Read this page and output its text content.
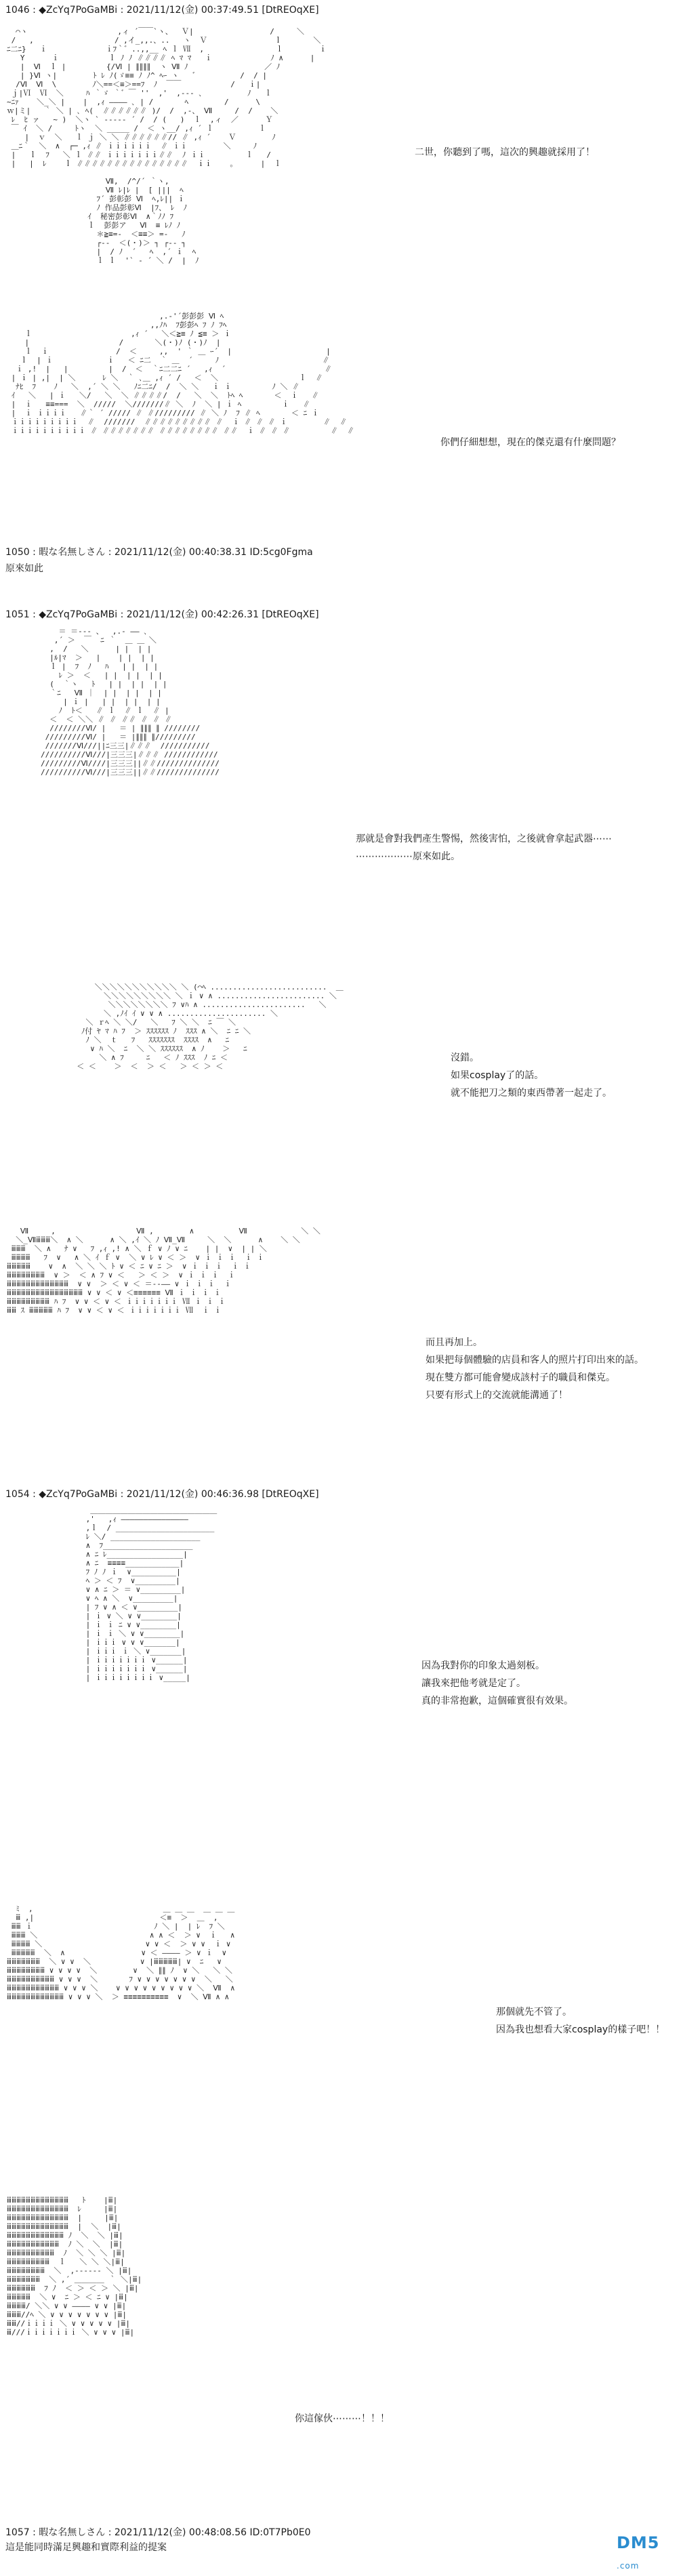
1046 : ◆ZcYq7PoGaMBi : 2021/11/12(金) 00:37:49.51 [DtREOqXE]
⌒ヽ                    ,ィ ´￣￣`ヽ、  Ｖ|                 /     ＼
/   ,                  / ,イ_,,.、..   ヽ  Ｖ               ｌ       ＼
ﾆ二ﾆ}   ｉ             ｉﾌ｀゛..,,__ ﾍ ｌ Ⅶ  ,                ｌ        ｉ
Y      ｉ           ｌ ﾉ ﾉ ∥∥∥∥ ﾍ ﾏ ﾏ   ｉ             ﾉ ∧      |
|  Ⅵ  ｌ |         {/Ⅵ | ∥∥∥∥  ヽ Ⅶ ﾉ                 ／ ﾉ
| }Ⅵ ヽ|        ﾄ ﾚ ﾉ(ゞ≡≡ ﾉ ﾉ^ ﾍｰ ヽ   ゛         /  / |
/Ⅵ  Ⅵ  \        ﾉ＼==＜≡＞==ﾌ  ﾉ  ￣￣           /   ｉ|
ｊ|Ⅵ  Ⅵ  ＼     ﾊ ｀ゞ ｀゛￣ ''  ,'  ,-‐- ､          ﾉ   ｌ
~ﾆｧ    ＼_＼ |    |  ,ｨ ―――― ､ | /       ﾍ        /      \
ｗ|ミ|   ｀ ＼ | ､ ﾍ(  ∥∥∥∥∥∥ )/  /  ,-、 Ⅶ     /  /    ＼
ﾚ  ﾋ ァ   ~ )  ＼ヽ ` ----- ´ /  / (   )  ｌ  ,ィ  ／      Ｙ
￣ ｲ  ＼ /     ﾄヽ  ＼ _____ /  ＜ ヽ__/ ,ｨ ´ ｌ          ｌ
|  ｖ  ＼   ｌ ｊ ＼ ＼ ∥∥∥∥∥∥// ∥ ,ｨ ´    Ｖ        ﾉ
＿ﾆ｀  ＼  ∧  ┌─ ,ｨ ∥ ｉｉｉｉｉｉ  ∥ ｉｉ        ＼     ﾉ
|   ｌ  ﾌ   ＼ ｌ ∥∥ ｉｉｉｉｉｉｉ∥∥  ﾉ ｉｉ         ｌ   /
|   |  ﾚ    ｌ ∥∥∥∥∥∥∥∥∥∥∥∥∥∥∥  ｉｉ    ｡      |  ｌ

Ⅶ,  /^/´ ｀ヽ,
Ⅶ ﾚ|ﾚ |  [ |||  ﾍ
ﾌ´ 彭彰彭 Ⅵ  ﾍ,ﾚ|| ｉ
ﾉ 作品彭彰Ⅵ  |ﾌ、 ﾚ  ﾉ
ｲ  秘密彭彰Ⅵ  ∧｀ﾉﾉ ﾌ
ｌ  彭彭ア   Ⅵ  ≡ ﾚﾉ ﾉ
＊≧≡=-  ＜≡≡＞ =-   ﾉ
┌‐‐  ＜(・)＞ ┐ ┌‐‐ ┐
|  / ﾉ  ´   ﾍ  ,´ ｉ  ﾍ
ｌ ｌ  '` - ´ ＼ /  |  ﾉ

二世，你聽到了嗎，這次的興趣就採用了！
,.-'´彭彭彭 Ⅵ ﾍ
,,ﾉﾊ  ﾌ彭彭ﾍ ﾌ ﾉ ﾌﾍ
ｌ                      ,ｨ ´   ＼＜≧≡ ﾉ ≦≡ ＞ ｉ
|                    /       ＼(・)ﾉ (・)ﾉ  |
ｌ  ｉ               /  ＜     ,,  ' ｀ ＿ ｰ´  |                     |
ｌ  | ｉ            ｉ   ＜ ﾆ二  ｀ ＿  ´     ﾉ                       ∥
ｉ ,!  |   |         |  /  ＜  ｀ﾆ二二ﾆ ´   ,ｨ  ´                      ∥
| ｉ | ,|  | ＼      ﾚ ＼  ｀ ､＿ ,ｨ ´ /   ＜  ＼                  ｌ  ∥
ﾅﾋ  ﾌ    ﾉ   ＼  ,´ ＼ ＼   ﾉﾆ二ﾆ/  /  ＼ ＼   ｉ ｉ         ﾉ ＼ ∥
ｲ   ＼   | ｉ   ＼/   ＼  ＼ ∥∥∥∥/  /   ＼  ＼  ﾄﾍ ﾍ       ＜  ｉ   ∥
|  ｉ   ≡≡===  ＼  /////  ＼///////∥ ＼  ﾉ  ＼ | ｉ ﾍ         ｉ   ∥
|  ｉ ｉｉｉｉ   ∥｀ ´ ///// ∥ ∥///////// ∥ ＼ ﾉ  ﾌ ∥ ﾍ       ＜ ﾆ ｉ
ｉｉｉｉｉｉｉｉｉ  ∥  ///////  ∥∥∥∥∥∥∥∥∥ ∥  ｉ ∥ ∥ ∥ ｉ        ∥  ∥
ｉｉｉｉｉｉｉｉｉｉ ∥ ∥∥∥∥∥∥∥ ∥∥∥∥∥∥∥∥ ∥∥  ｉ ∥ ∥ ∥         ∥  ∥

你們仔細想想，現在的傑克還有什麼問題？
1050 : 暇な名無しさん : 2021/11/12(金) 00:40:38.31 ID:5cg0Fgma
原來如此
1051 : ◆ZcYq7PoGaMBi : 2021/11/12(金) 00:42:26.31 [DtREOqXE]
＝ ＝‐‐‐ 、  ,.‐ ―― ､
,´ ＞  ￣  ﾆ ｀  ＿ ＿ ＼
,  /   ＼      | |  | |
|ﾙ|ﾏ  ＞   |    | |  | |
ｌ |  ﾌ  ﾉ   ﾊ   | |  | |
ﾚ ＞  ＜   | |  | |  | |
(  ｀ヽ   ﾄ   | |  | |  | |
｀ﾆ   Ⅶ ｜  | |  | |  | |
| ｉ |   | |  | |  | |
ﾉ  ﾄ＜   ∥ ｌ  ∥ ｌ  ∥ |
＜  ＜ ＼＼ ∥ ∥ ∥∥ ∥ ∥ ∥
////////Ⅵ/ |   ＝ | ∥∥∥ ∥ ////////
/////////Ⅵ/ |   ＝ |∥∥∥ ∥/////////
///////Ⅵ///||ﾆ三三|∥∥∥  ///////////
//////////Ⅵ///|三三三|∥∥∥ ////////////
/////////Ⅵ////|三三三||∥∥//////////////
//////////Ⅵ///|三三三||∥∥//////////////

那就是會對我們產生警惕，然後害怕，之後就會拿起武器⋯⋯
⋯⋯⋯⋯⋯⋯原來如此。
＼＼＼＼＼＼＼＼＼＼＼ ＼ (⌒ﾍ ..........................  ＿
＼＼＼＼＼＼＼＼＼ ＼ ｉ ∨ ∧ ........................ ＼
＼＼＼＼＼＼＼＼ ﾌ ∨ﾊ ∧ .......................   ＼
＼ ,ﾉｲ ｲ ∨ ∨ ∧ ...................... ＼
＼ ｒﾍ ＼ ＼/   ＼   ﾌ ＼ ＼  ﾆ ￣ ＼
ﾉ付 ﾔ ﾏ ﾊ ﾌ  ＞ ｽｽｽｽｽｽ ﾉ  ｽｽｽ ∧ ＼  ﾆ ﾆ ＼
ﾉ ＼  ｔ   ﾌ   ｽｽｽｽｽｽｽ  ｽｽｽｽ  ∧   ﾆ
∨ ﾊ ＼  ﾆ  ＼ ＼ ｽｽｽｽｽｽ  ∧ ﾉ    ＞   ﾆ
＼ ∧ ﾌ     ﾆ   ＜ ﾉ ｽｽｽ  ﾉ ﾆ ＜
＜ ＜    ＞  ＜  ＞ ＜   ＞ ＜ ＞ ＜

沒錯。
如果cosplay了的話。
就不能把刀之類的東西帶著一起走了。
Ⅶ     ,                  Ⅶ ,        ∧          Ⅶ            ＼ ＼
＼_Ⅶⅲⅲⅲ＼  ∧ ＼      ∧ ＼ ,ｲ ＼ ﾉ Ⅶ_Ⅶ     ＼  ＼      ∧    ＼ ＼
ⅲⅲⅲ  ＼ ∧   ﾅ ∨   ﾌ ,ｨ ,! ∧ ＼ ｆ ∨ ﾉ ∨ ﾆ    | |  ∨  | | ＼
ⅲⅲⅲⅲ   ﾌ  ∨   ∧ ＼ ｲ ｆ ∨  ＼ ∨ ﾚ ∨ ＜ ＞  ∨ ｉ ｉ ｉ  ｉ ｉ
ⅲⅲⅲⅲⅲ    ∨  ∧  ＼ ＼ ＼ ﾄ ∨ ＜ ﾆ ∨ ﾆ ＞  ∨ ｉ ｉ ｉ  ｉ ｉ
ⅲⅲⅲⅲⅲⅲⅲⅲ  ∨ ＞  ＜ ∧ ﾌ ∨ ＜   ＞ ＜ ＞  ∨ ｉ ｉ ｉ  ｉ
ⅲⅲⅲⅲⅲⅲⅲⅲⅲⅲⅲⅲⅲ  ∨ ∨  ＞ ＜ ∨ ＜ ＝‐‐―― ∨ ｉ ｉ ｉ  ｉ
ⅲⅲⅲⅲⅲⅲⅲⅲⅲⅲⅲⅲⅲⅲⅲⅲ ∨ ∨ ＜ ∨ ＜≡≡≡≡≡≡ Ⅶ ｉ ｉ ｉ ｉ
ⅲⅲⅲⅲⅲⅲⅲⅲⅲ ﾊ ﾌ  ∨ ∨ ＜ ∨ ＜ ｉｉｉｉｉｉｉ Ⅶ ｉ ｉ ｉ
ⅲⅲ ｽ ⅲⅲⅲⅲⅲ ﾊ ﾌ  ∨ ∨ ＜ ∨ ＜ ｉｉｉｉｉｉｉ Ⅶ  ｉ ｉ

而且再加上。
如果把每個體驗的店員和客人的照片打印出來的話。
現在雙方都可能會變成該村子的職員和傑克。
只要有形式上的交流就能溝通了！
1054 : ◆ZcYq7PoGaMBi : 2021/11/12(金) 00:46:36.98 [DtREOqXE]
＿＿＿＿＿＿＿＿＿＿＿＿＿＿＿＿＿
,'   ,ｨ ―――――――――――――――
,ｌ  / ______________________
ﾚ ＼/ ____________________
∧  ﾌ____________________
∧ ﾆ ﾚ_________________|
∧ ﾆ  ≡≡≡≡____________|
ﾌ ﾉ ﾉ ｉ  ∨__________|
ﾍ ＞ ＜ ﾌ  ∨_________|
∨ ∧ ﾆ ＞ ＝ ∨_________|
∨ ﾍ ∧ ＼  ∨_________|
| ﾌ ∨ ∧ ＜ ∨_________|
| ｉ ∨ ＼ ∨ ∨________|
| ｉ ｉ ﾆ ∨ ∨________|
| ｉ ｉ ＼ ∨ ∨________|
| ｉｉｉ ∨ ∨ ∨_______|
| ｉｉｉ ｉ ＼ ∨_______|
| ｉｉｉｉｉｉｉ ∨______|
| ｉｉｉｉｉｉｉ ∨______|
| ｉｉｉｉｉｉｉｉ ∨_____|

因為我對你的印象太過刻板。
讓我來把他考就是定了。
真的非常抱歉，這個確實很有效果。
ﾐ  ,                             ＿ ＿ ＿  ＿ ＿ ＿
ⅲ ,|                            ＜≡  ＞  ＿  ,
ⅲⅲ ｉ                           ﾉ ＼ |  | ﾚ  ﾌ ＼
ⅲⅲⅲ ＼                         ∧ ∧ ＜  ＞ ∨  ｉ   ∧
ⅲⅲⅲⅲ ＼                       ∨ ∨ ＜  ＞ ∨ ∨  ｉ ∨
ⅲⅲⅲⅲⅲ  ＼  ∧                 ∨ ＜ ―――― ＞ ∨ ｉ  ∨
ⅲⅲⅲⅲⅲⅲⅲ  ＼ ∨ ∨  ＼           ∨ |ⅲⅲⅲⅲⅲ| ∨  ﾆ   ∨
ⅲⅲⅲⅲⅲⅲⅲⅲ ∨ ∨ ∨ ∨  ＼        ∨  ＼ ∥∥ ﾉ  ∨ ＼   ＼ ＼
ⅲⅲⅲⅲⅲⅲⅲⅲⅲⅲ ∨ ∨ ∨  ＼       ﾌ ∨ ∨ ∨ ∨ ∨ ∨ ∨  ＼   ＼
ⅲⅲⅲⅲⅲⅲⅲⅲⅲⅲⅲ ∨ ∨ ∨ ＼    ∨ ∨ ∨ ∨ ∨ ∨ ∨ ∨ ∨ ＼  Ⅶ  ∧
ⅲⅲⅲⅲⅲⅲⅲⅲⅲⅲⅲⅲ ∨ ∨ ∨ ＼  ＞ ≡≡≡≡≡≡≡≡≡≡  ∨  ＼ Ⅶ ∧ ∧

那個就先不管了。
因為我也想看大家cosplay的樣子吧！！
ⅲⅲⅲⅲⅲⅲⅲⅲⅲⅲⅲⅲⅲ   ﾄ    |ⅲ|
ⅲⅲⅲⅲⅲⅲⅲⅲⅲⅲⅲⅲⅲ  ﾚ     |ⅲ|
ⅲⅲⅲⅲⅲⅲⅲⅲⅲⅲⅲⅲⅲ  |     |ⅲ|
ⅲⅲⅲⅲⅲⅲⅲⅲⅲⅲⅲⅲⅲ  |  ＼  |ⅲ|
ⅲⅲⅲⅲⅲⅲⅲⅲⅲⅲⅲⅲ ﾉ  ＼  ＼ |ⅲ|
ⅲⅲⅲⅲⅲⅲⅲⅲⅲⅲⅲ  ﾉ ＼  ＼  |ⅲ|
ⅲⅲⅲⅲⅲⅲⅲⅲⅲⅲ  ﾉ  ＼ ＼ ＼ |ⅲ|
ⅲⅲⅲⅲⅲⅲⅲⅲⅲ  ｌ   ＼ ＼ ＼|ⅲ|
ⅲⅲⅲⅲⅲⅲⅲⅲ  ＼  ,-‐‐‐‐- ＼ |ⅲ|
ⅲⅲⅲⅲⅲⅲⅲ  ＼ ,´ ＿＿＿＿ ｀ ＼|ⅲ|
ⅲⅲⅲⅲⅲⅲ  ﾌ ﾉ  ＜ ＞ ＜ ＞ ＼ |ⅲ|
ⅲⅲⅲⅲⅲ  ＼ ∨  ﾆ ＞ ＜ ﾆ ∨ |ⅲ|
ⅲⅲⅲⅲ/ ＼＼ ∨ ∨ ―――― ∨ ∨ |ⅲ|
ⅲⅲⅲ//ﾍ ＼ ∨ ∨ ∨ ∨ ∨ ∨ ∨ |ⅲ|
ⅲⅲ//ｉｉｉｉ ＼ ∨ ∨ ∨ ∨ ∨ |ⅲ|
ⅲ///ｉｉｉｉｉｉｉ ＼ ∨ ∨ ∨ |ⅲ|

你這傢伙⋯⋯⋯！！！
1057 : 暇な名無しさん : 2021/11/12(金) 00:48:08.56 ID:0T7Pb0E0
這是能同時滿足興趣和實際利益的提案	DM5.com
